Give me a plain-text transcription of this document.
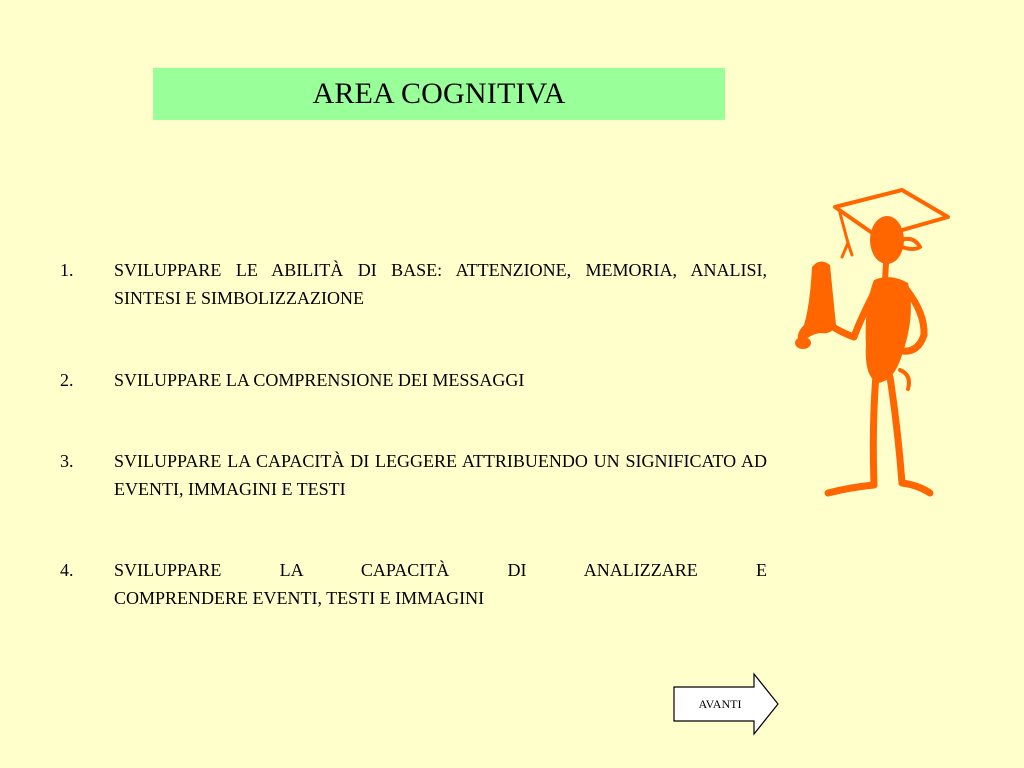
AREA COGNITIVA
1.	SVILUPPARE LE ABILITÀ DI BASE: ATTENZIONE, MEMORIA, ANALISI, SINTESI E SIMBOLIZZAZIONE
2.	SVILUPPARE LA COMPRENSIONE DEI MESSAGGI
3.	SVILUPPARE LA CAPACITÀ DI LEGGERE ATTRIBUENDO UN SIGNIFICATO AD EVENTI, IMMAGINI E TESTI
4.	SVILUPPARE LA CAPACITÀ DI ANALIZZARE E
COMPRENDERE EVENTI, TESTI E IMMAGINI
AVANTI
